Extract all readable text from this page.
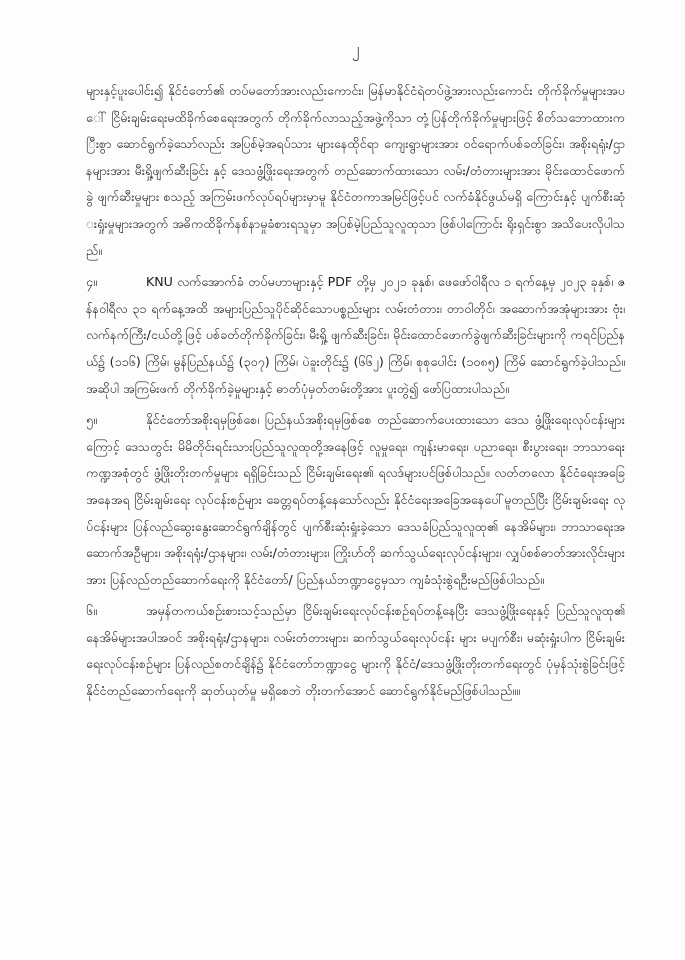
၂

များနှင့်ပူးပေါင်း၍ နိုင်ငံတော်၏ တပ်မတော်အားလည်းကောင်း၊ မြန်မာနိုင်ငံရဲတပ်ဖွဲ့အားလည်းကောင်း တိုက်ခိုက်မှုများအပေါ် ငြိမ်းချမ်းရေးမထိခိုက်စေရေးအတွက် တိုက်ခိုက်လာသည့်အဖွဲ့ကိုသာ တုံ့ပြန်တိုက်ခိုက်မှုများဖြင့် စိတ်သဘောထားကြီးစွာ ဆောင်ရွက်ခဲ့သော်လည်း အပြစ်မဲ့အရပ်သား များနေထိုင်ရာ ကျေးရွာများအား ဝင်ရောက်ပစ်ခတ်ခြင်း၊ အစိုးရရုံး/ဌာနများအား မီးရှို့ဖျက်ဆီးခြင်း နှင့် ဒေသဖွံ့ဖြိုးရေးအတွက် တည်ဆောက်ထားသော လမ်း/တံတားများအား မိုင်းထောင်ဖောက်ခွဲ ဖျက်ဆီးမှုများ စသည့် အကြမ်းဖက်လုပ်ရပ်များမှာမူ နိုင်ငံတကာအမြင်ဖြင့်ပင် လက်ခံနိုင်ဖွယ်မရှိ ကြောင်းနှင့် ပျက်စီးဆုံးရှုံးမှုများအတွက် အဓိကထိခိုက်နစ်နာမှုခံစားရသူမှာ အပြစ်မဲ့ပြည်သူလူထုသာ ဖြစ်ပါကြောင်း ရိုးရှင်းစွာ အသိပေးလိုပါသည်။

၄။	KNU လက်အောက်ခံ တပ်မဟာများနှင့် PDF တို့မှ ၂၀၂၁ ခုနှစ်၊ ဖေဖော်ဝါရီလ ၁ ရက်နေ့မှ ၂၀၂၃ ခုနှစ်၊ ဇန်နဝါရီလ ၃၁ ရက်နေ့အထိ အများပြည်သူပိုင်ဆိုင်သောပစ္စည်းများ လမ်းတံတား၊ တာဝါတိုင်၊ အဆောက်အအုံများအား ဗုံး၊ လက်နက်ကြီး/ငယ်တို့ဖြင့် ပစ်ခတ်တိုက်ခိုက်ခြင်း၊ မီးရှို့ ဖျက်ဆီးခြင်း၊ မိုင်းထောင်ဖောက်ခွဲဖျက်ဆီးခြင်းများကို ကရင်ပြည်နယ်၌ (၁၁၆) ကြိမ်၊ မွန်ပြည်နယ်၌ (၃၀၇) ကြိမ်၊ ပဲခူးတိုင်း၌ (၆၆၂) ကြိမ်၊ စုစုပေါင်း (၁၀၈၅) ကြိမ် ဆောင်ရွက်ခဲ့ပါသည်။ အဆိုပါ အကြမ်းဖက် တိုက်ခိုက်ခဲ့မှုများနှင့် ဓာတ်ပုံမှတ်တမ်းတို့အား ပူးတွဲ၍ ဖော်ပြထားပါသည်။

၅။	နိုင်ငံတော်အစိုးရမှဖြစ်စေ၊ ပြည်နယ်အစိုးရမှဖြစ်စေ တည်ဆောက်ပေးထားသော ဒေသ ဖွံ့ဖြိုးရေးလုပ်ငန်းများကြောင့် ဒေသတွင်း မိမိတိုင်းရင်းသားပြည်သူလူထုတို့အနေဖြင့် လူမှုရေး၊ ကျန်းမာရေး၊ ပညာရေး၊ စီးပွားရေး၊ ဘာသာရေး ကဏ္ဍအစုံတွင် ဖွံ့ဖြိုးတိုးတက်မှုများ ရရှိခြင်းသည် ငြိမ်းချမ်းရေး၏ ရလဒ်များပင်ဖြစ်ပါသည်။ လတ်တလော နိုင်ငံရေးအခြေအနေအရ ငြိမ်းချမ်းရေး လုပ်ငန်းစဉ်များ ခေတ္တရပ်တန့်နေသော်လည်း နိုင်ငံရေးအခြေအနေပေါ်မူတည်ပြီး ငြိမ်းချမ်းရေး လုပ်ငန်းများ ပြန်လည်ဆွေးနွေးဆောင်ရွက်ချိန်တွင် ပျက်စီးဆုံးရှုံးခဲ့သော ဒေသခံပြည်သူလူထု၏ နေအိမ်များ၊ ဘာသာရေးအဆောက်အဦများ၊ အစိုးရရုံး/ဌာနများ၊ လမ်း/တံတားများ၊ ကြိုးဟ်တို ဆက်သွယ်ရေးလုပ်ငန်းများ၊ လျှပ်စစ်ဓာတ်အားလိုင်းများအား ပြန်လည်တည်ဆောက်ရေးကို နိုင်ငံတော်/ ပြည်နယ်ဘဏ္ဍာငွေမှသာ ကျခံသုံးစွဲရဦးမည်ဖြစ်ပါသည်။

၆။	အမှန်တကယ်စဉ်းစားသင့်သည်မှာ ငြိမ်းချမ်းရေးလုပ်ငန်းစဉ်ရပ်တန့်နေပြီး ဒေသဖွံ့ဖြိုးရေးနှင့် ပြည်သူလူထု၏ နေအိမ်များအပါအဝင် အစိုးရရုံး/ဌာနများ၊ လမ်းတံတားများ၊ ဆက်သွယ်ရေးလုပ်ငန်း များ မပျက်စီး၊ မဆုံးရှုံးပါက ငြိမ်းချမ်းရေးလုပ်ငန်းစဉ်များ ပြန်လည်စတင်ချိန်၌ နိုင်ငံတော်ဘဏ္ဍာငွေ များကို နိုင်ငံ/ဒေသဖွံ့ဖြိုးတိုးတက်ရေးတွင် ပုံမှန်သုံးစွဲခြင်းဖြင့် နိုင်ငံတည်ဆောက်ရေးကို ဆုတ်ယုတ်မှု မရှိစေဘဲ တိုးတက်အောင် ဆောင်ရွက်နိုင်မည်ဖြစ်ပါသည်။။
